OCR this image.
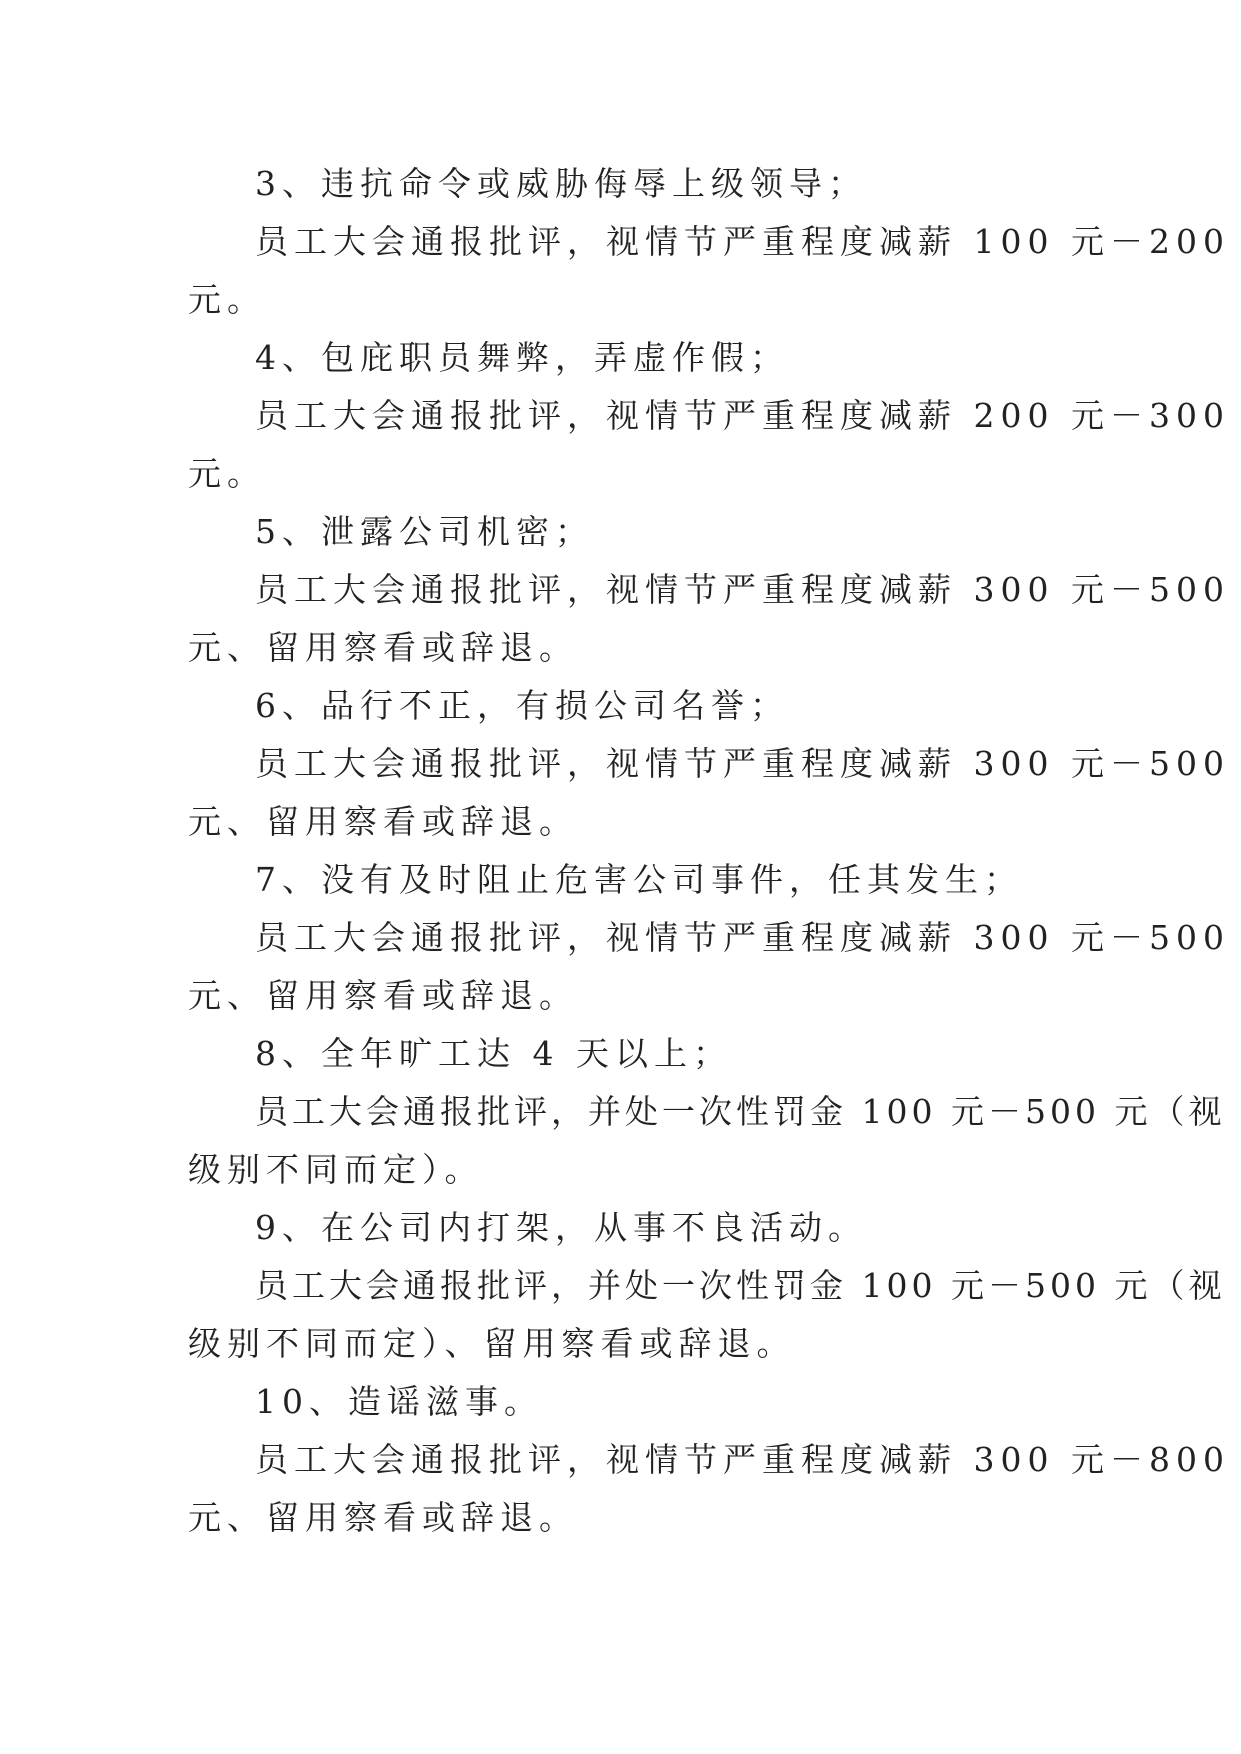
3、违抗命令或威胁侮辱上级领导；
员工大会通报批评，视情节严重程度减薪 100 元－200
元。
4、包庇职员舞弊，弄虚作假；
员工大会通报批评，视情节严重程度减薪 200 元－300
元。
5、泄露公司机密；
员工大会通报批评，视情节严重程度减薪 300 元－500
元、留用察看或辞退。
6、品行不正，有损公司名誉；
员工大会通报批评，视情节严重程度减薪 300 元－500
元、留用察看或辞退。
7、没有及时阻止危害公司事件，任其发生；
员工大会通报批评，视情节严重程度减薪 300 元－500
元、留用察看或辞退。
8、全年旷工达 4 天以上；
员工大会通报批评，并处一次性罚金 100 元－500 元（视
级别不同而定）。
9、在公司内打架，从事不良活动。
员工大会通报批评，并处一次性罚金 100 元－500 元（视
级别不同而定）、留用察看或辞退。
10、造谣滋事。
员工大会通报批评，视情节严重程度减薪 300 元－800
元、留用察看或辞退。
